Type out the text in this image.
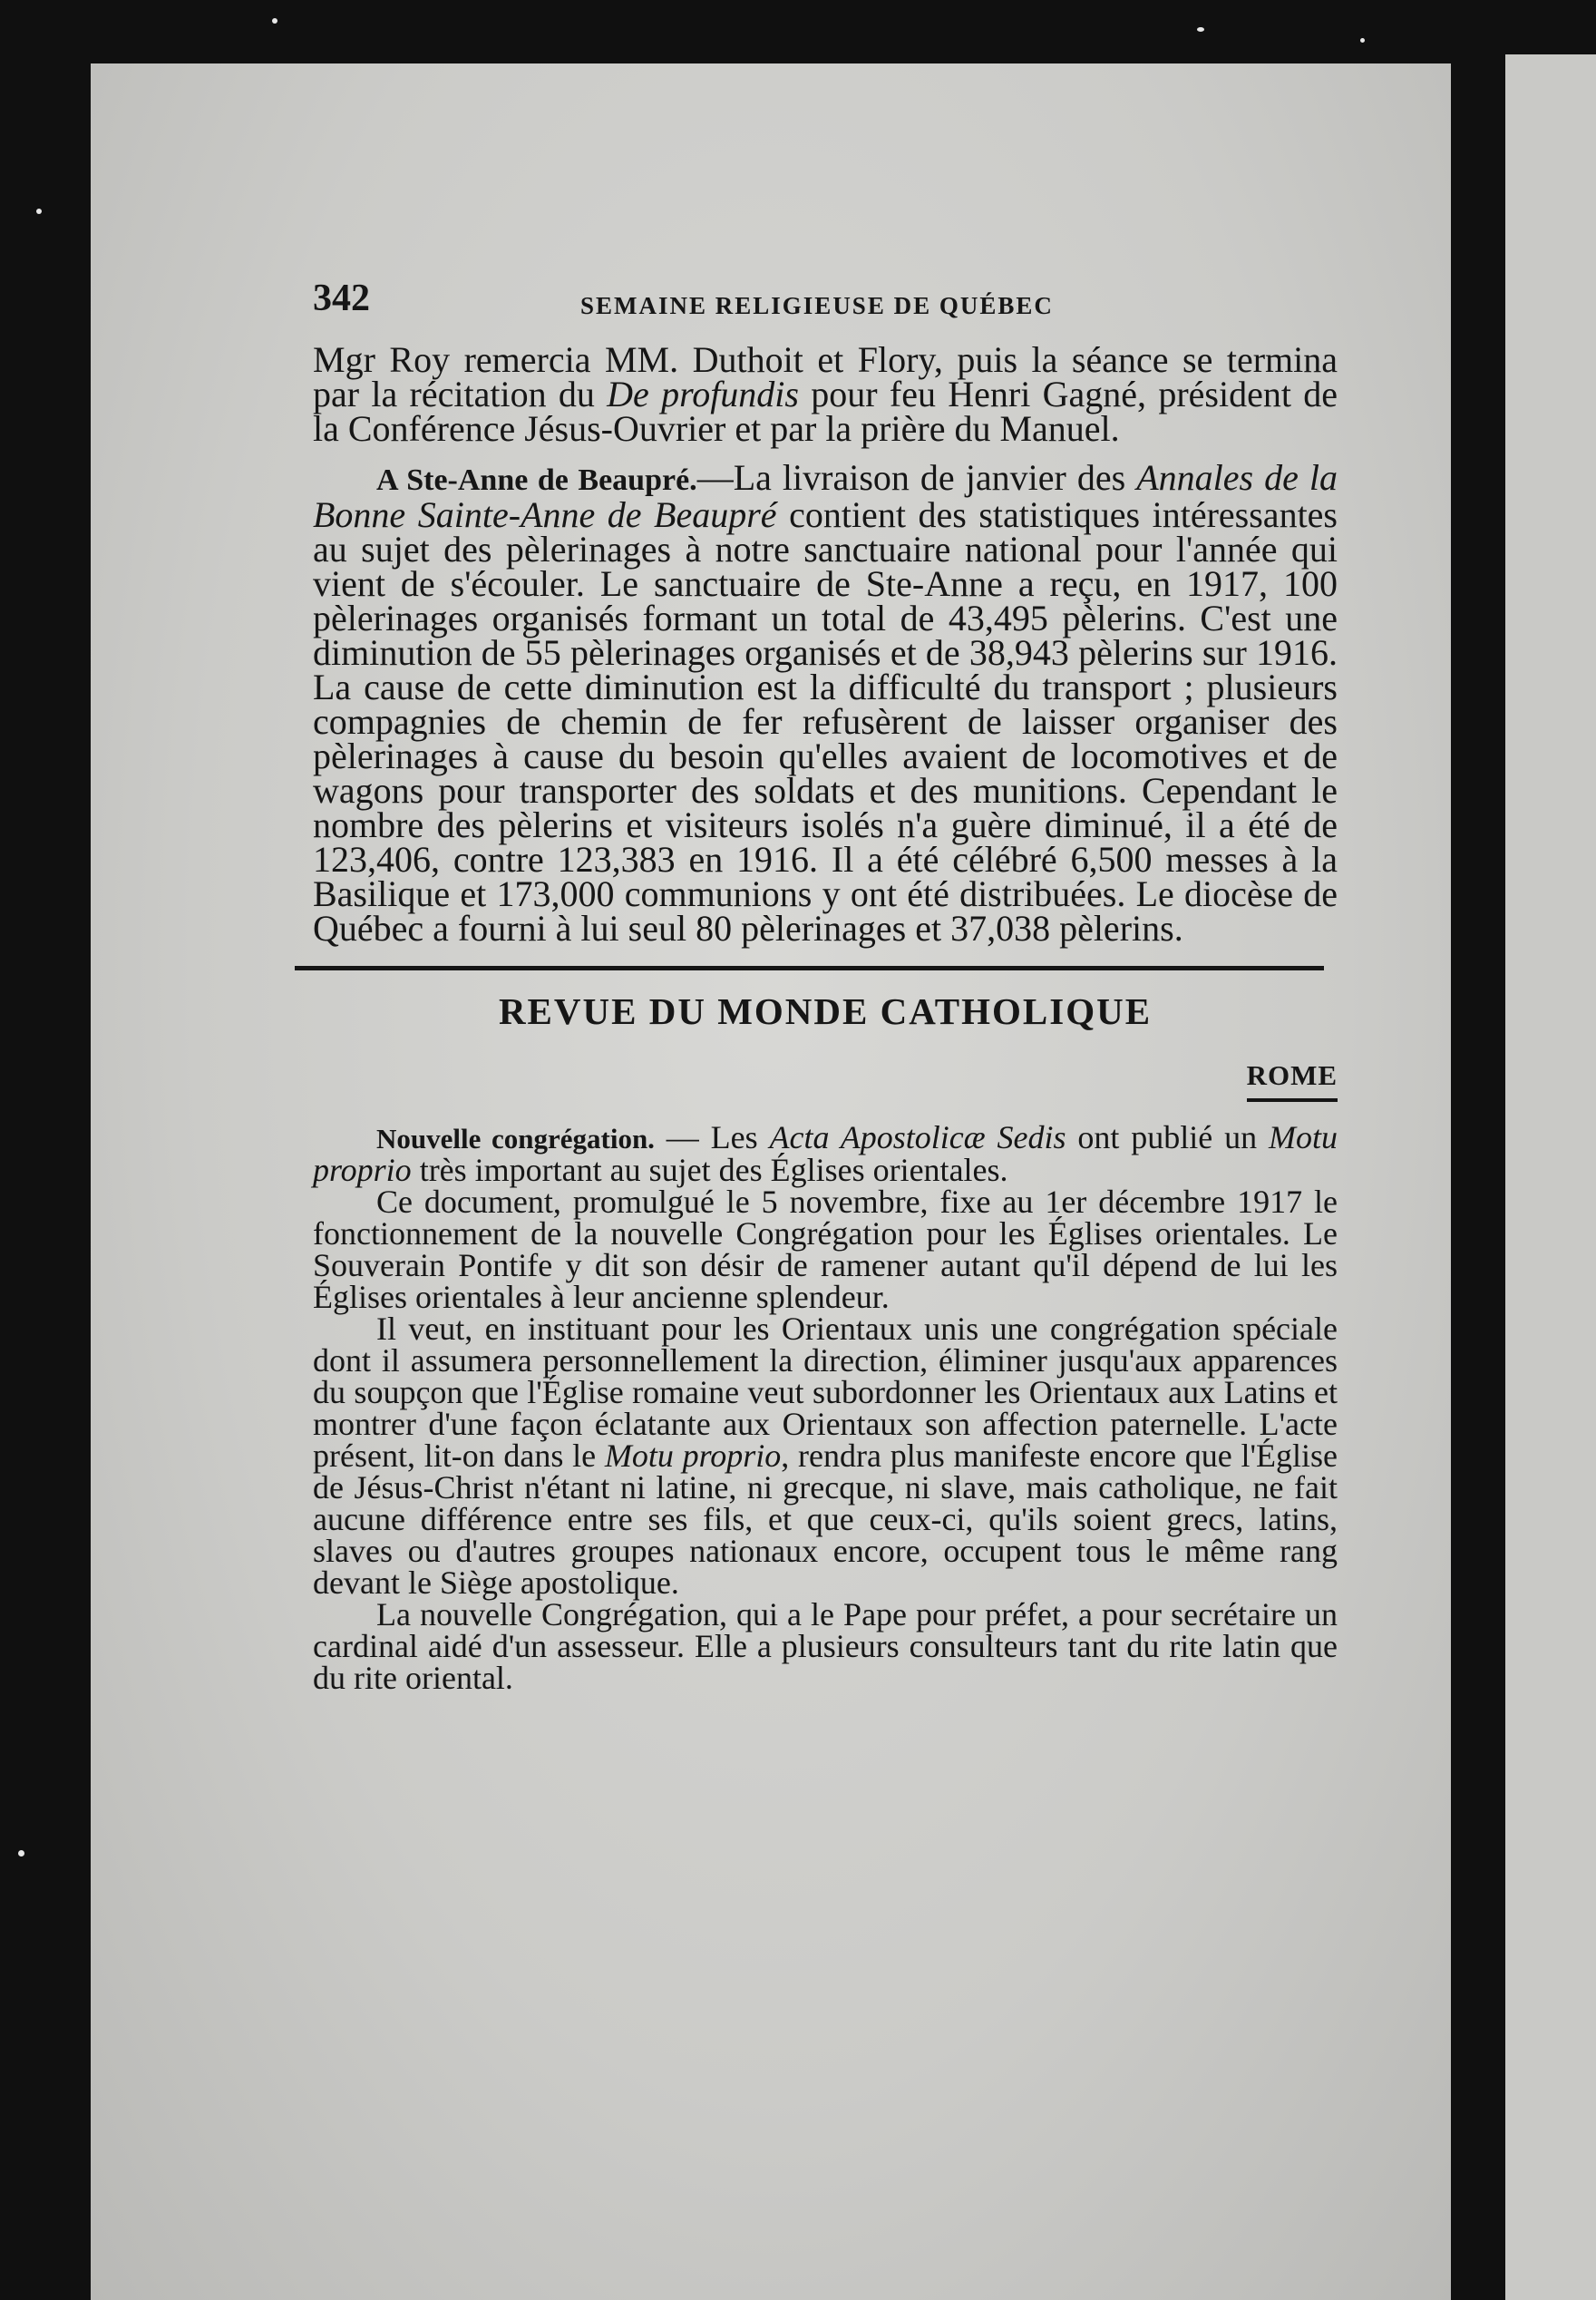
342	SEMAINE RELIGIEUSE DE QUÉBEC

Mgr Roy remercia MM. Duthoit et Flory, puis la séance se termina par la récitation du De profundis pour feu Henri Gagné, président de la Conférence Jésus-Ouvrier et par la prière du Manuel.

A Ste-Anne de Beaupré.—La livraison de janvier des Annales de la Bonne Sainte-Anne de Beaupré contient des statistiques intéressantes au sujet des pèlerinages à notre sanctuaire national pour l'année qui vient de s'écouler. Le sanctuaire de Ste-Anne a reçu, en 1917, 100 pèlerinages organisés formant un total de 43,495 pèlerins. C'est une diminution de 55 pèlerinages organisés et de 38,943 pèlerins sur 1916. La cause de cette diminution est la difficulté du transport ; plusieurs compagnies de chemin de fer refusèrent de laisser organiser des pèlerinages à cause du besoin qu'elles avaient de locomotives et de wagons pour transporter des soldats et des munitions. Cependant le nombre des pèlerins et visiteurs isolés n'a guère diminué, il a été de 123,406, contre 123,383 en 1916. Il a été célébré 6,500 messes à la Basilique et 173,000 communions y ont été distribuées. Le diocèse de Québec a fourni à lui seul 80 pèlerinages et 37,038 pèlerins.

REVUE DU MONDE CATHOLIQUE
ROME

Nouvelle congrégation. — Les Acta Apostolicæ Sedis ont publié un Motu proprio très important au sujet des Églises orientales.

Ce document, promulgué le 5 novembre, fixe au 1er décembre 1917 le fonctionnement de la nouvelle Congrégation pour les Églises orientales. Le Souverain Pontife y dit son désir de ramener autant qu'il dépend de lui les Églises orientales à leur ancienne splendeur.

Il veut, en instituant pour les Orientaux unis une congrégation spéciale dont il assumera personnellement la direction, éliminer jusqu'aux apparences du soupçon que l'Église romaine veut subordonner les Orientaux aux Latins et montrer d'une façon éclatante aux Orientaux son affection paternelle. L'acte présent, lit-on dans le Motu proprio, rendra plus manifeste encore que l'Église de Jésus-Christ n'étant ni latine, ni grecque, ni slave, mais catholique, ne fait aucune différence entre ses fils, et que ceux-ci, qu'ils soient grecs, latins, slaves ou d'autres groupes nationaux encore, occupent tous le même rang devant le Siège apostolique.

La nouvelle Congrégation, qui a le Pape pour préfet, a pour secrétaire un cardinal aidé d'un assesseur. Elle a plusieurs consulteurs tant du rite latin que du rite oriental.
